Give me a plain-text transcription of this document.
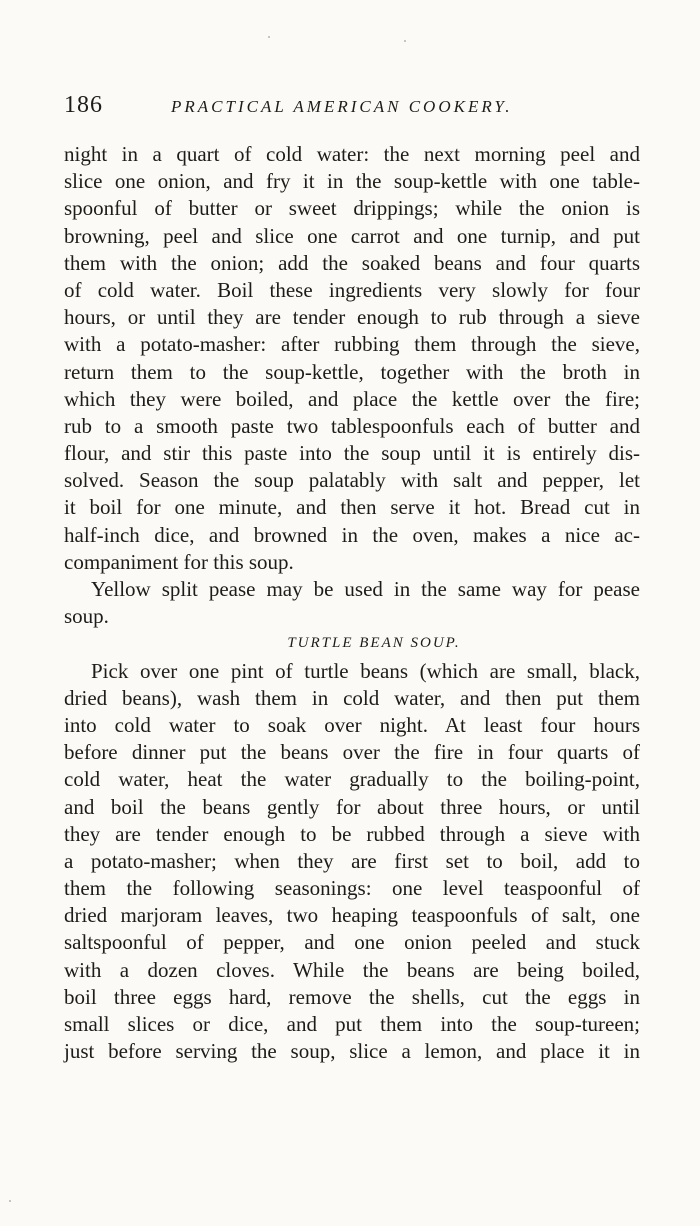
186	PRACTICAL AMERICAN COOKERY.
night in a quart of cold water: the next morning peel and
slice one onion, and fry it in the soup-kettle with one table-
spoonful of butter or sweet drippings; while the onion is
browning, peel and slice one carrot and one turnip, and put
them with the onion; add the soaked beans and four quarts
of cold water. Boil these ingredients very slowly for four
hours, or until they are tender enough to rub through a sieve
with a potato-masher: after rubbing them through the sieve,
return them to the soup-kettle, together with the broth in
which they were boiled, and place the kettle over the fire;
rub to a smooth paste two tablespoonfuls each of butter and
flour, and stir this paste into the soup until it is entirely dis-
solved. Season the soup palatably with salt and pepper, let
it boil for one minute, and then serve it hot. Bread cut in
half-inch dice, and browned in the oven, makes a nice ac-
companiment for this soup.
Yellow split pease may be used in the same way for pease
soup.
TURTLE BEAN SOUP.
Pick over one pint of turtle beans (which are small, black,
dried beans), wash them in cold water, and then put them
into cold water to soak over night. At least four hours
before dinner put the beans over the fire in four quarts of
cold water, heat the water gradually to the boiling-point,
and boil the beans gently for about three hours, or until
they are tender enough to be rubbed through a sieve with
a potato-masher; when they are first set to boil, add to
them the following seasonings: one level teaspoonful of
dried marjoram leaves, two heaping teaspoonfuls of salt, one
saltspoonful of pepper, and one onion peeled and stuck
with a dozen cloves. While the beans are being boiled,
boil three eggs hard, remove the shells, cut the eggs in
small slices or dice, and put them into the soup-tureen;
just before serving the soup, slice a lemon, and place it in
